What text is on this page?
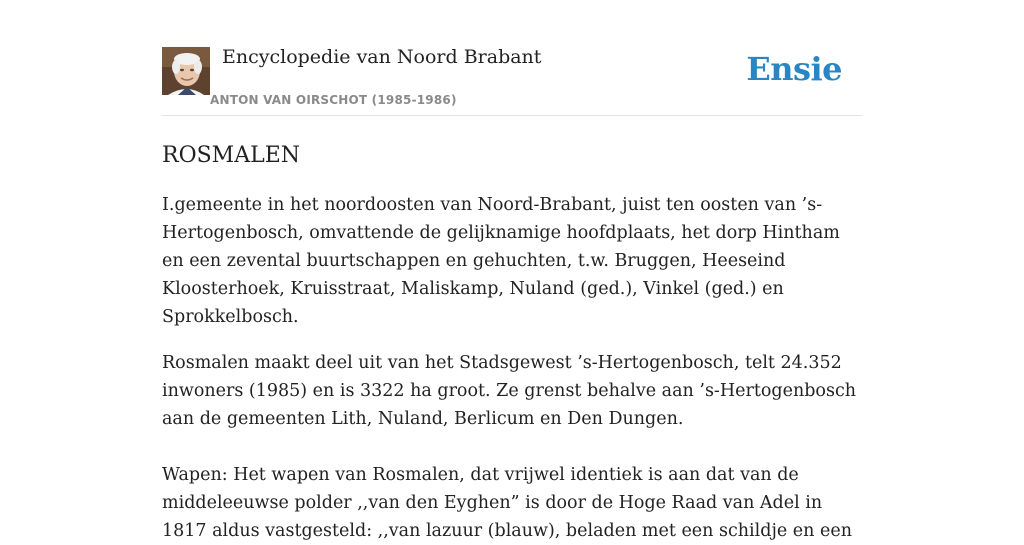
Encyclopedie van Noord Brabant
ANTON VAN OIRSCHOT (1985-1986)
Ensie
ROSMALEN

I.gemeente in het noordoosten van Noord-Brabant, juist ten oosten van ’s-Hertogenbosch, omvattende de gelijknamige hoofdplaats, het dorp Hintham en een zevental buurtschappen en gehuchten, t.w. Bruggen, Heeseind Kloosterhoek, Kruisstraat, Maliskamp, Nuland (ged.), Vinkel (ged.) en Sprokkelbosch.

Rosmalen maakt deel uit van het Stadsgewest ’s-Hertogenbosch, telt 24.352 inwoners (1985) en is 3322 ha groot. Ze grenst behalve aan ’s-Hertogenbosch aan de gemeenten Lith, Nuland, Berlicum en Den Dungen.

Wapen: Het wapen van Rosmalen, dat vrijwel identiek is aan dat van de middeleeuwse polder ,,van den Eyghen” is door de Hoge Raad van Adel in 1817 aldus vastgesteld: ,,van lazuur (blauw), beladen met een schildje en een
